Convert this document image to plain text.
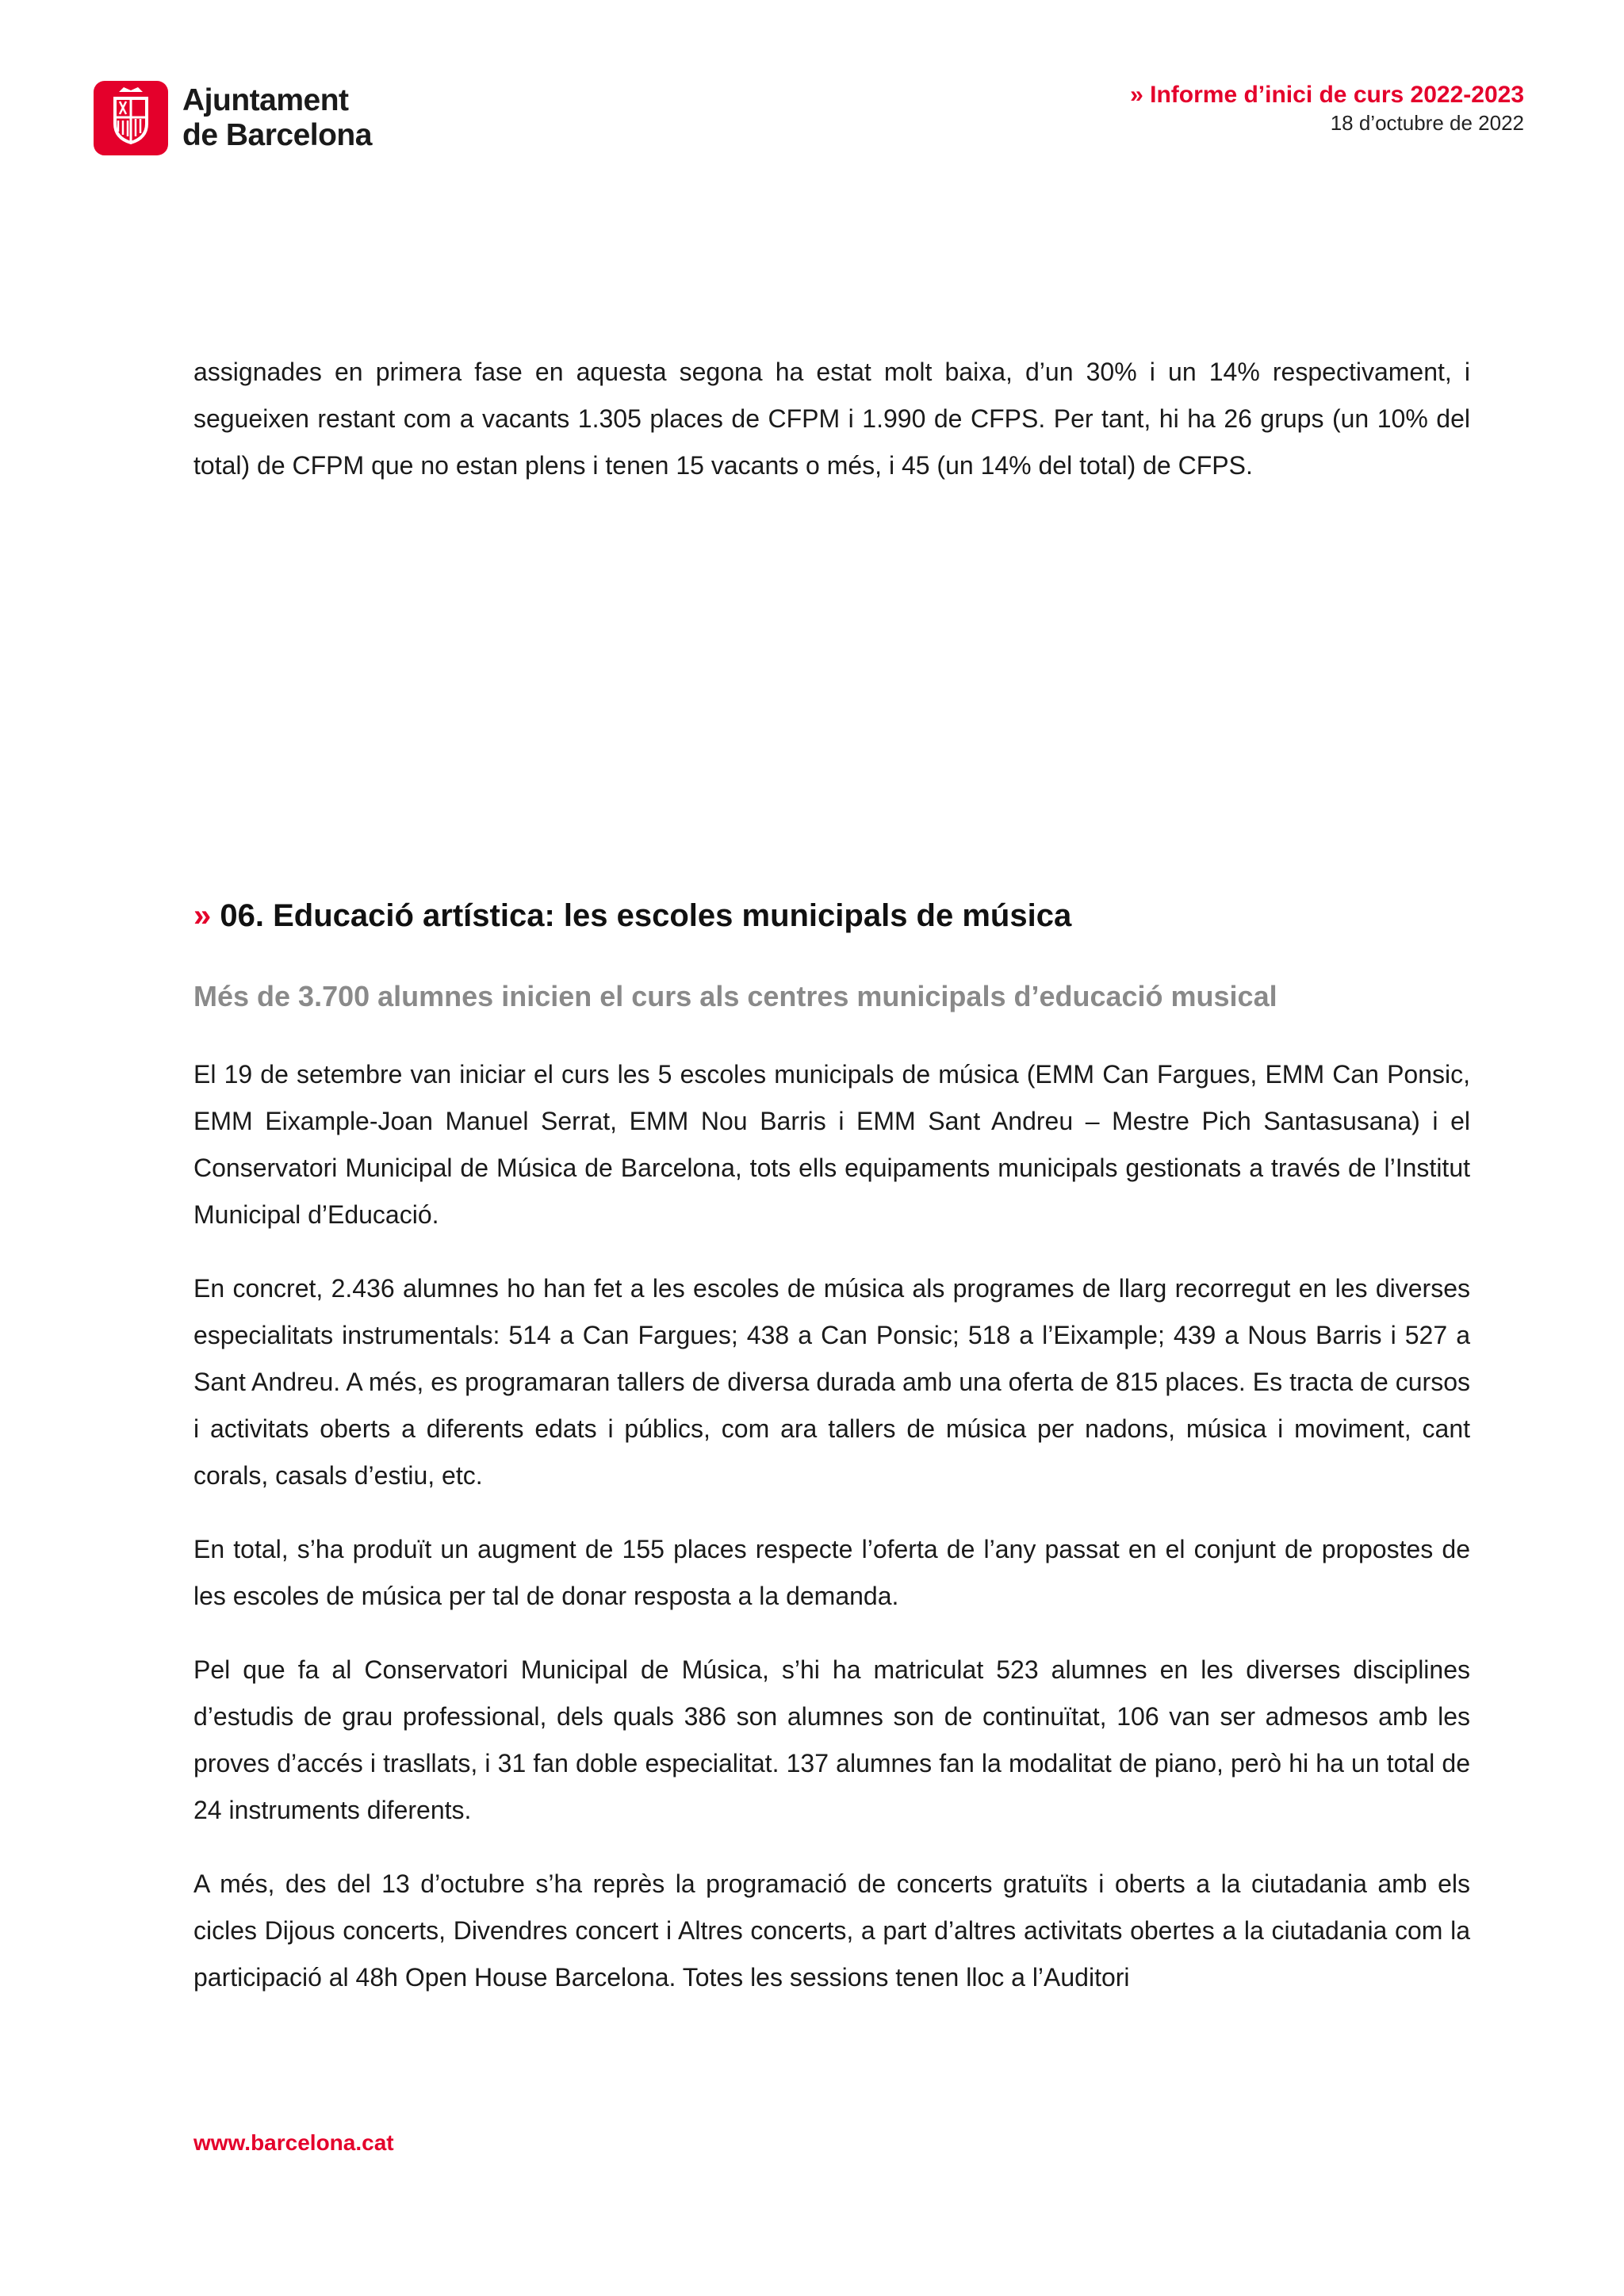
Ajuntament
de Barcelona
» Informe d’inici de curs 2022-2023
18 d’octubre de 2022

assignades en primera fase en aquesta segona ha estat molt baixa, d’un 30% i un 14% respectivament, i segueixen restant com a vacants 1.305 places de CFPM i 1.990 de CFPS. Per tant, hi ha 26 grups (un 10% del total) de CFPM que no estan plens i tenen 15 vacants o més, i 45 (un 14% del total) de CFPS.

» 06. Educació artística: les escoles municipals de música
Més de 3.700 alumnes inicien el curs als centres municipals d’educació musical

El 19 de setembre van iniciar el curs les 5 escoles municipals de música (EMM Can Fargues, EMM Can Ponsic, EMM Eixample-Joan Manuel Serrat, EMM Nou Barris i EMM Sant Andreu – Mestre Pich Santasusana) i el Conservatori Municipal de Música de Barcelona, tots ells equipaments municipals gestionats a través de l’Institut Municipal d’Educació.

En concret, 2.436 alumnes ho han fet a les escoles de música als programes de llarg recorregut en les diverses especialitats instrumentals: 514 a Can Fargues; 438 a Can Ponsic; 518 a l’Eixample; 439 a Nous Barris i 527 a Sant Andreu. A més, es programaran tallers de diversa durada amb una oferta de 815 places. Es tracta de cursos i activitats oberts a diferents edats i públics, com ara tallers de música per nadons, música i moviment, cant corals, casals d’estiu, etc.

En total, s’ha produït un augment de 155 places respecte l’oferta de l’any passat en el conjunt de propostes de les escoles de música per tal de donar resposta a la demanda.

Pel que fa al Conservatori Municipal de Música, s’hi ha matriculat 523 alumnes en les diverses disciplines d’estudis de grau professional, dels quals 386 son alumnes son de continuïtat, 106 van ser admesos amb les proves d’accés i trasllats, i 31 fan doble especialitat. 137 alumnes fan la modalitat de piano, però hi ha un total de 24 instruments diferents.

A més, des del 13 d’octubre s’ha reprès la programació de concerts gratuïts i oberts a la ciutadania amb els cicles Dijous concerts, Divendres concert i Altres concerts, a part d’altres activitats obertes a la ciutadania com la participació al 48h Open House Barcelona. Totes les sessions tenen lloc a l’Auditori

www.barcelona.cat
